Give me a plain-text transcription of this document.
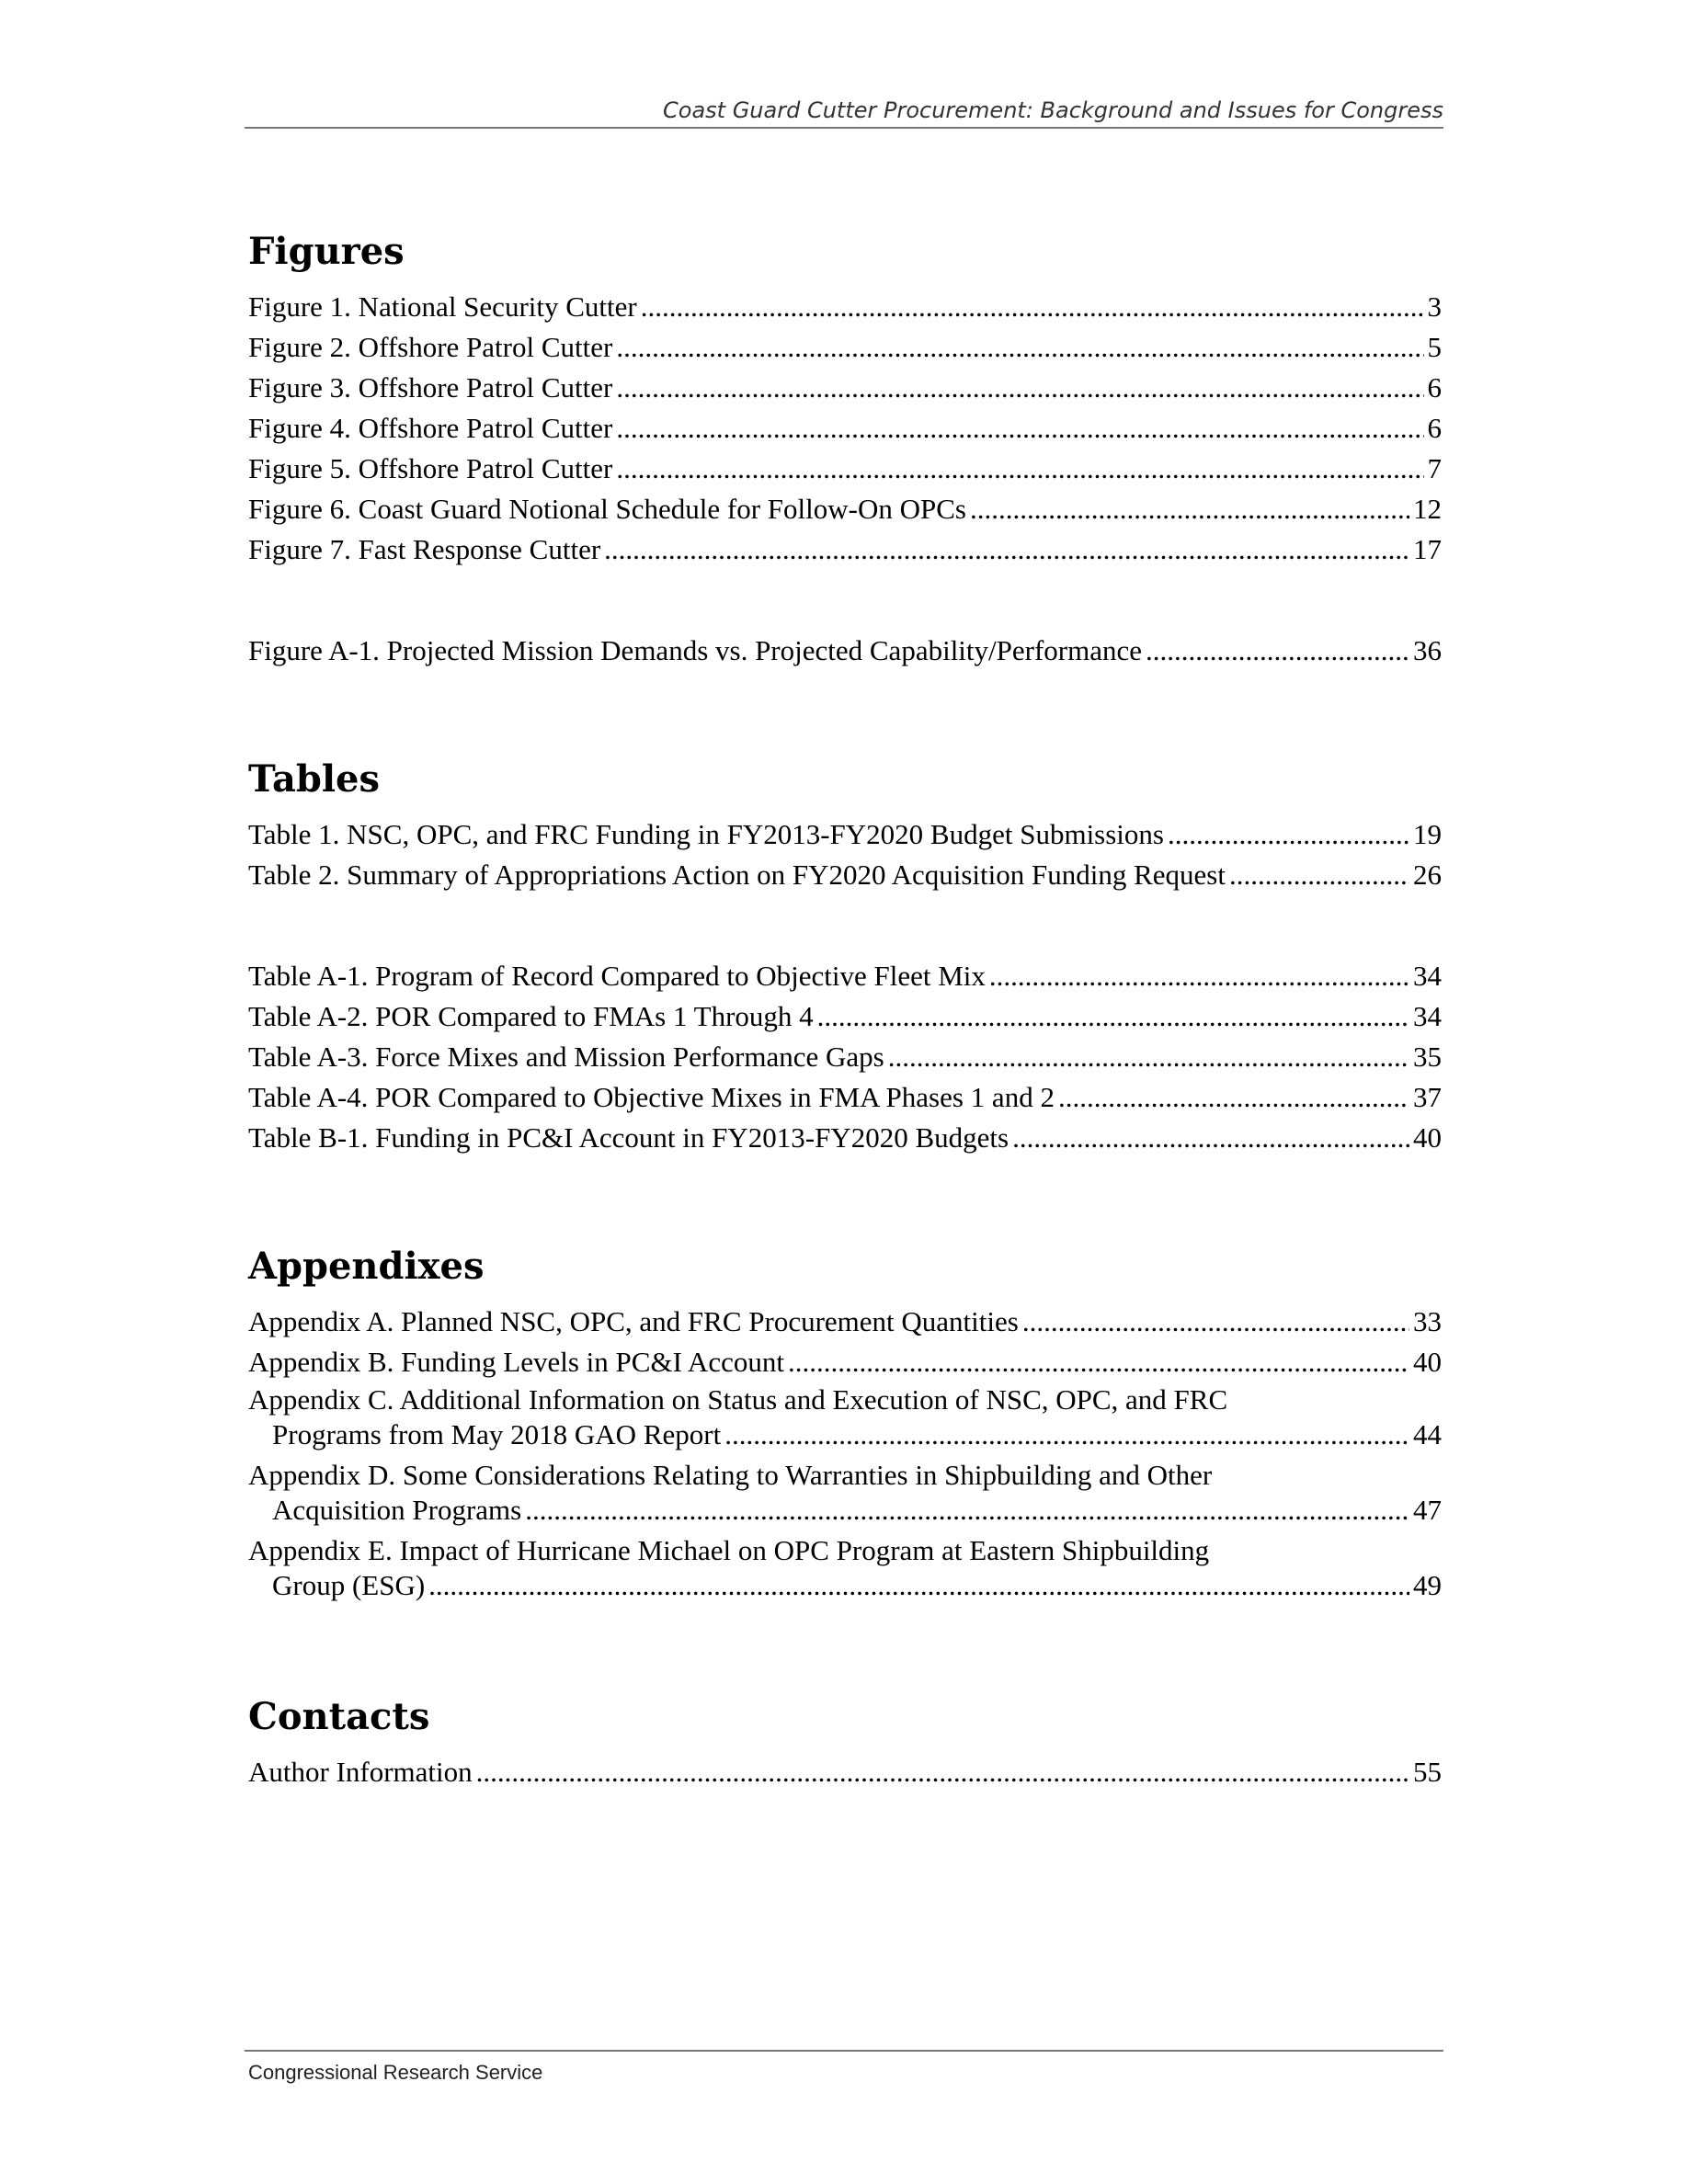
Coast Guard Cutter Procurement: Background and Issues for Congress
Figures
Figure 1. National Security Cutter .....	3
Figure 2. Offshore Patrol Cutter .....	5
Figure 3. Offshore Patrol Cutter .....	6
Figure 4. Offshore Patrol Cutter .....	6
Figure 5. Offshore Patrol Cutter .....	7
Figure 6. Coast Guard Notional Schedule for Follow-On OPCs .....	12
Figure 7. Fast Response Cutter .....	17
Figure A-1. Projected Mission Demands vs. Projected Capability/Performance .....	36
Tables
Table 1. NSC, OPC, and FRC Funding in FY2013-FY2020 Budget Submissions .....	19
Table 2. Summary of Appropriations Action on FY2020 Acquisition Funding Request .....	26
Table A-1. Program of Record Compared to Objective Fleet Mix .....	34
Table A-2. POR Compared to FMAs 1 Through 4 .....	34
Table A-3. Force Mixes and Mission Performance Gaps .....	35
Table A-4. POR Compared to Objective Mixes in FMA Phases 1 and 2 .....	37
Table B-1. Funding in PC&I Account in FY2013-FY2020 Budgets .....	40
Appendixes
Appendix A. Planned NSC, OPC, and FRC Procurement Quantities .....	33
Appendix B. Funding Levels in PC&I Account .....	40
Appendix C. Additional Information on Status and Execution of NSC, OPC, and FRC
Programs from May 2018 GAO Report .....	44
Appendix D. Some Considerations Relating to Warranties in Shipbuilding and Other
Acquisition Programs .....	47
Appendix E. Impact of Hurricane Michael on OPC Program at Eastern Shipbuilding
Group (ESG) .....	49
Contacts
Author Information .....	55
Congressional Research Service
